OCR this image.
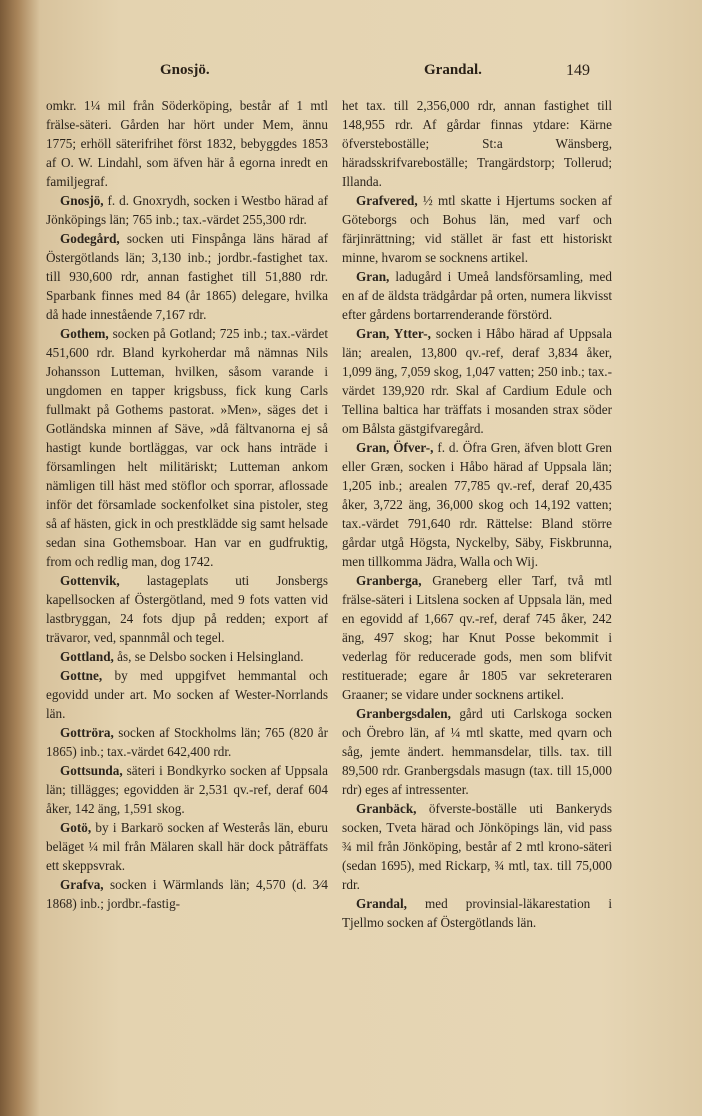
Gnosjö.	Grandal.	149

omkr. 1¼ mil från Söderköping, består af 1 mtl frälse-säteri. Gården har hört under Mem, ännu 1775; erhöll säterifrihet först 1832, bebyggdes 1853 af O. W. Lindahl, som äfven här å egorna inredt en familjegraf.

Gnosjö, f. d. Gnoxrydh, socken i Westbo härad af Jönköpings län; 765 inb.; tax.-värdet 255,300 rdr.

Godegård, socken uti Finspånga läns härad af Östergötlands län; 3,130 inb.; jordbr.-fastighet tax. till 930,600 rdr, annan fastighet till 51,880 rdr. Sparbank finnes med 84 (år 1865) delegare, hvilka då hade innestående 7,167 rdr.

Gothem, socken på Gotland; 725 inb.; tax.-värdet 451,600 rdr. Bland kyrkoherdar må nämnas Nils Johansson Lutteman, hvilken, såsom varande i ungdomen en tapper krigsbuss, fick kung Carls fullmakt på Gothems pastorat. »Men», säges det i Gotländska minnen af Säve, »då fältvanorna ej så hastigt kunde bortläggas, var ock hans inträde i församlingen helt militäriskt; Lutteman ankom nämligen till häst med stöflor och sporrar, aflossade inför det församlade sockenfolket sina pistoler, steg så af hästen, gick in och prestklädde sig samt helsade sedan sina Gothemsboar. Han var en gudfruktig, from och redlig man, dog 1742.

Gottenvik, lastageplats uti Jonsbergs kapellsocken af Östergötland, med 9 fots vatten vid lastbryggan, 24 fots djup på redden; export af trävaror, ved, spannmål och tegel.

Gottland, ås, se Delsbo socken i Helsingland.

Gottne, by med uppgifvet hemmantal och egovidd under art. Mo socken af Wester-Norrlands län.

Gottröra, socken af Stockholms län; 765 (820 år 1865) inb.; tax.-värdet 642,400 rdr.

Gottsunda, säteri i Bondkyrko socken af Uppsala län; tillägges; egovidden är 2,531 qv.-ref, deraf 604 åker, 142 äng, 1,591 skog.

Gotö, by i Barkarö socken af Westerås län, eburu beläget ¼ mil från Mälaren skall här dock påträffats ett skeppsvrak.

Grafva, socken i Wärmlands län; 4,570 (d. 3⁄4 1868) inb.; jordbr.-fastig-

het tax. till 2,356,000 rdr, annan fastighet till 148,955 rdr. Af gårdar finnas ytdare: Kärne öfversteboställe; St:a Wänsberg, häradsskrifvareboställe; Trangärdstorp; Tollerud; Illanda.

Grafvered, ½ mtl skatte i Hjertums socken af Göteborgs och Bohus län, med varf och färjinrättning; vid stället är fast ett historiskt minne, hvarom se socknens artikel.

Gran, ladugård i Umeå landsförsamling, med en af de äldsta trädgårdar på orten, numera likvisst efter gårdens bortarrenderande förstörd.

Gran, Ytter-, socken i Håbo härad af Uppsala län; arealen, 13,800 qv.-ref, deraf 3,834 åker, 1,099 äng, 7,059 skog, 1,047 vatten; 250 inb.; tax.-värdet 139,920 rdr. Skal af Cardium Edule och Tellina baltica har träffats i mosanden strax söder om Bålsta gästgifvaregård.

Gran, Öfver-, f. d. Öfra Gren, äfven blott Gren eller Græn, socken i Håbo härad af Uppsala län; 1,205 inb.; arealen 77,785 qv.-ref, deraf 20,435 åker, 3,722 äng, 36,000 skog och 14,192 vatten; tax.-värdet 791,640 rdr. Rättelse: Bland större gårdar utgå Högsta, Nyckelby, Säby, Fiskbrunna, men tillkomma Jädra, Walla och Wij.

Granberga, Graneberg eller Tarf, två mtl frälse-säteri i Litslena socken af Uppsala län, med en egovidd af 1,667 qv.-ref, deraf 745 åker, 242 äng, 497 skog; har Knut Posse bekommit i vederlag för reducerade gods, men som blifvit restituerade; egare år 1805 var sekreteraren Graaner; se vidare under socknens artikel.

Granbergsdalen, gård uti Carlskoga socken och Örebro län, af ¼ mtl skatte, med qvarn och såg, jemte ändert. hemmansdelar, tills. tax. till 89,500 rdr. Granbergsdals masugn (tax. till 15,000 rdr) eges af intressenter.

Granbäck, öfverste-boställe uti Bankeryds socken, Tveta härad och Jönköpings län, vid pass ¾ mil från Jönköping, består af 2 mtl krono-säteri (sedan 1695), med Rickarp, ¾ mtl, tax. till 75,000 rdr.

Grandal, med provinsial-läkarestation i Tjellmo socken af Östergötlands län.
